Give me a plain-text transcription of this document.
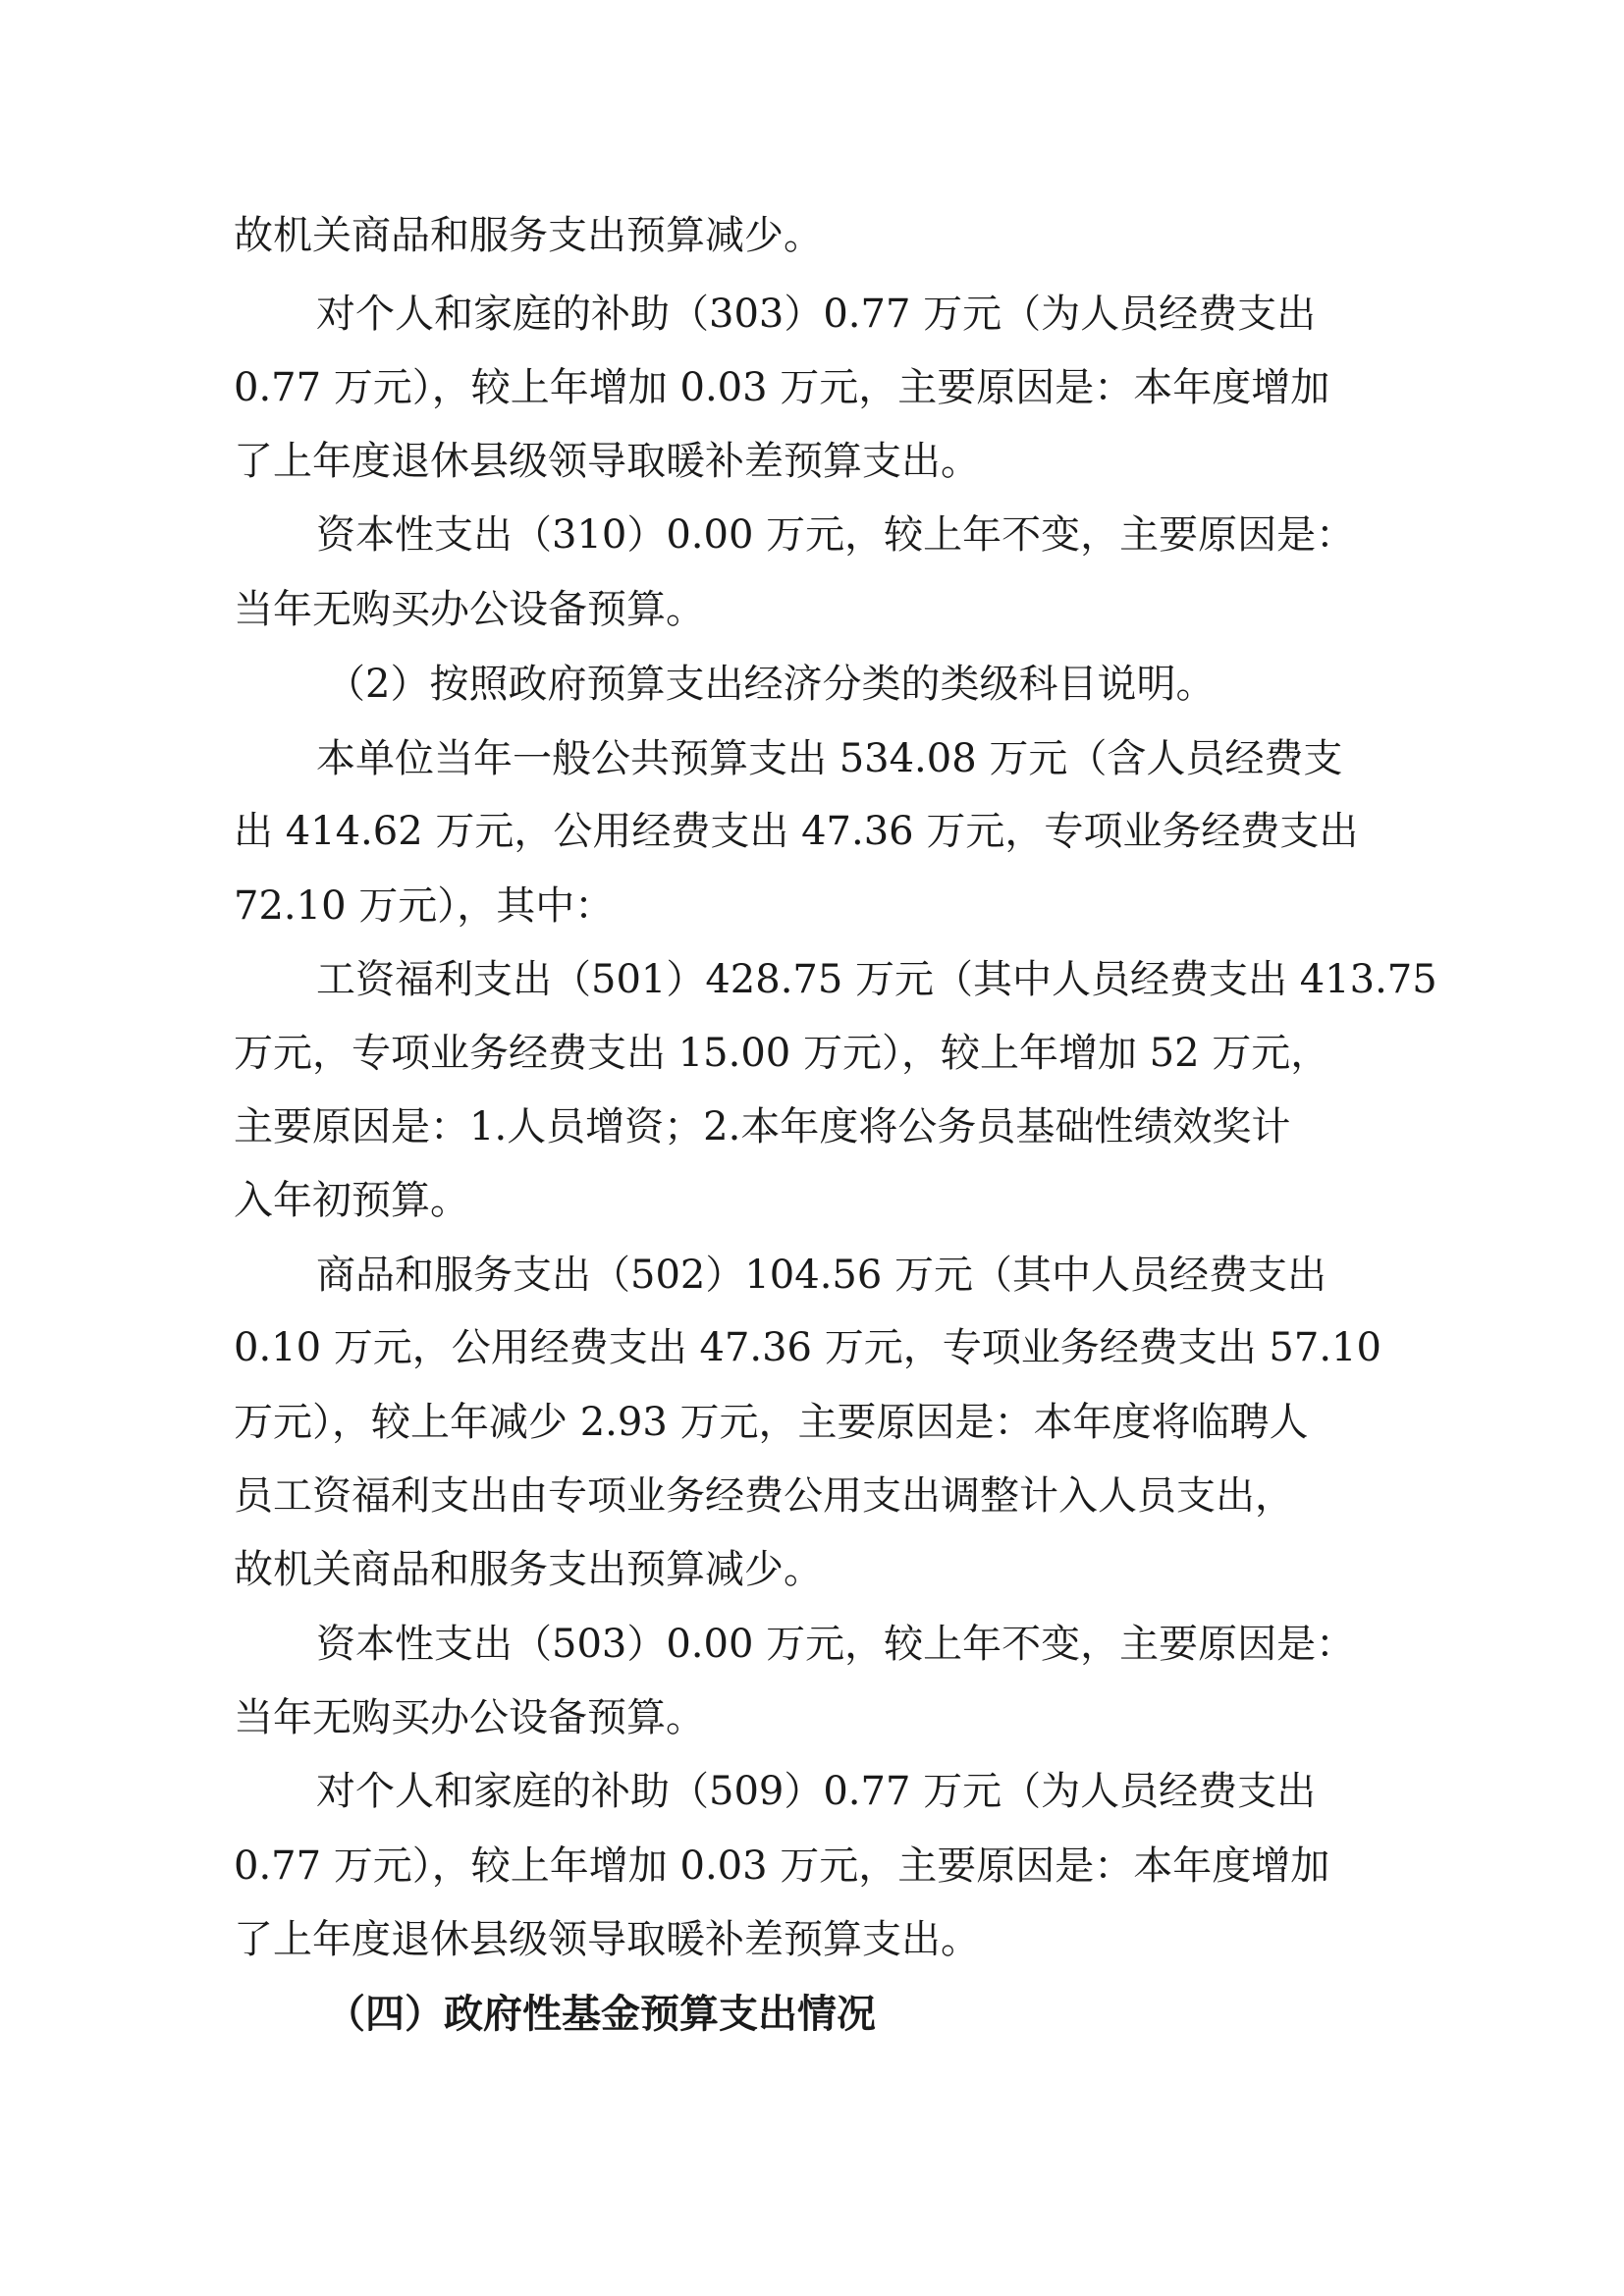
故机关商品和服务支出预算减少。
对个人和家庭的补助（303）0.77 万元（为人员经费支出
0.77 万元），较上年增加 0.03 万元，主要原因是：本年度增加
了上年度退休县级领导取暖补差预算支出。
资本性支出（310）0.00 万元，较上年不变，主要原因是：
当年无购买办公设备预算。
（2）按照政府预算支出经济分类的类级科目说明。
本单位当年一般公共预算支出 534.08 万元（含人员经费支
出 414.62 万元，公用经费支出 47.36 万元，专项业务经费支出
72.10 万元），其中：
工资福利支出（501）428.75 万元（其中人员经费支出 413.75
万元，专项业务经费支出 15.00 万元），较上年增加 52 万元，
主要原因是：1.人员增资；2.本年度将公务员基础性绩效奖计
入年初预算。
商品和服务支出（502）104.56 万元（其中人员经费支出
0.10 万元，公用经费支出 47.36 万元，专项业务经费支出 57.10
万元），较上年减少 2.93 万元，主要原因是：本年度将临聘人
员工资福利支出由专项业务经费公用支出调整计入人员支出，
故机关商品和服务支出预算减少。
资本性支出（503）0.00 万元，较上年不变，主要原因是：
当年无购买办公设备预算。
对个人和家庭的补助（509）0.77 万元（为人员经费支出
0.77 万元），较上年增加 0.03 万元，主要原因是：本年度增加
了上年度退休县级领导取暖补差预算支出。
（四）政府性基金预算支出情况
